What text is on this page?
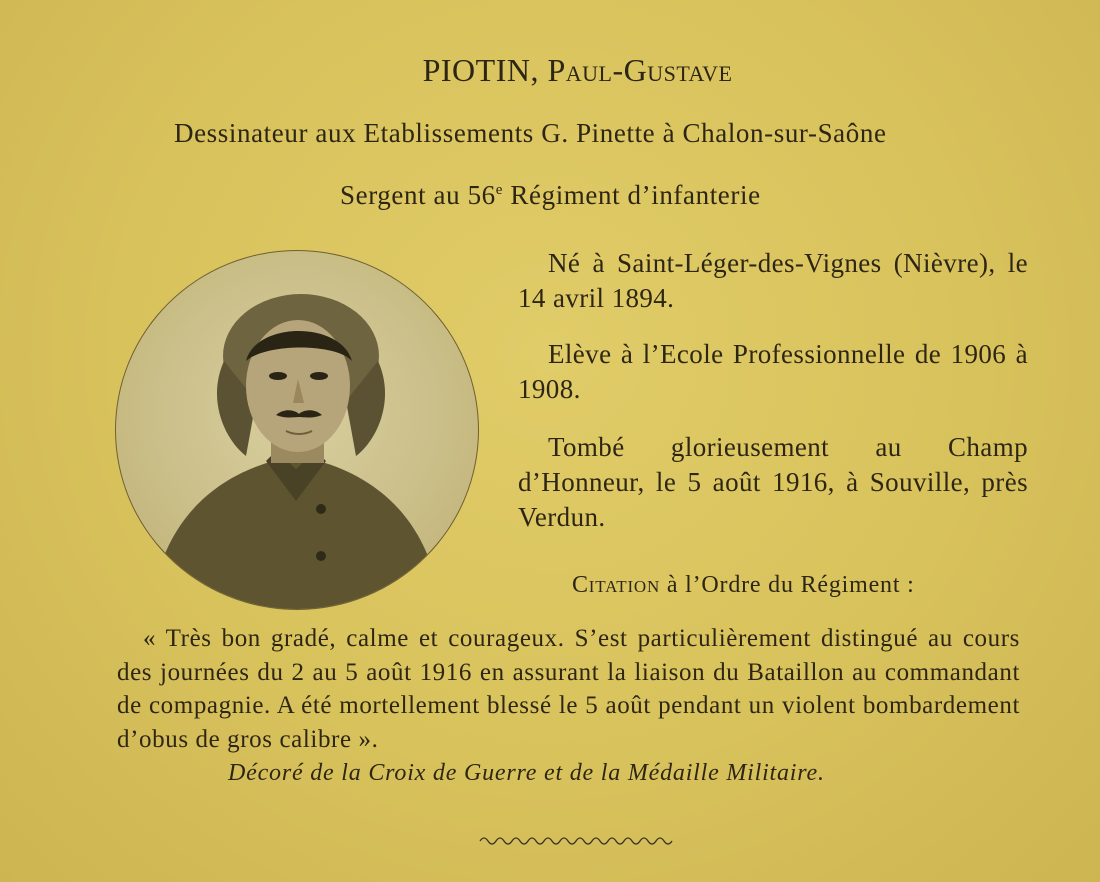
PIOTIN, Paul-Gustave
Dessinateur aux Etablissements G. Pinette à Chalon-sur-Saône
Sergent au 56e Régiment d’infanterie
Né à Saint-Léger-des-Vignes (Nièvre), le 14 avril 1894.
Elève à l’Ecole Professionnelle de 1906 à 1908.
Tombé glorieusement au Champ d’Honneur, le 5 août 1916, à Souville, près Verdun.
Citation à l’Ordre du Régiment :
« Très bon gradé, calme et courageux. S’est particulièrement distingué au cours des journées du 2 au 5 août 1916 en assurant la liaison du Bataillon au commandant de compagnie. A été mortellement blessé le 5 août pendant un violent bombardement d’obus de gros calibre ».
Décoré de la Croix de Guerre et de la Médaille Militaire.
